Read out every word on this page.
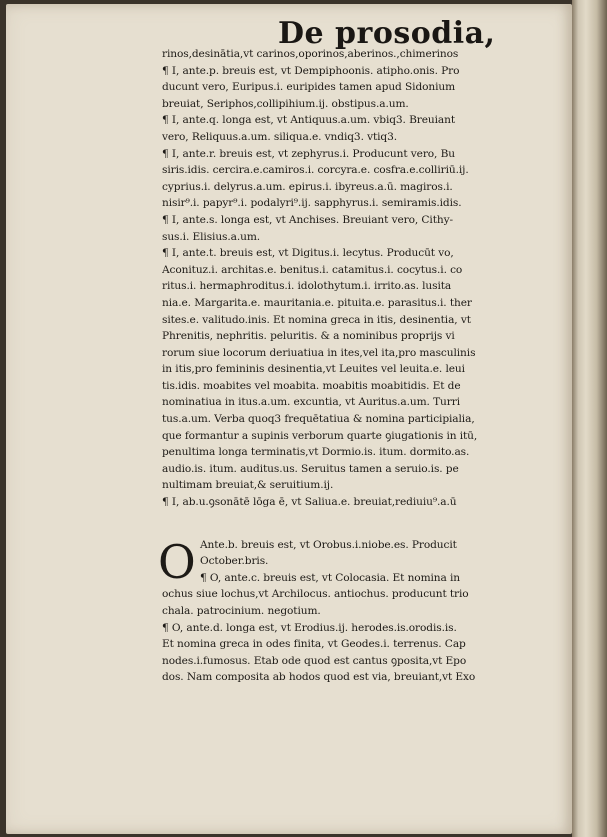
De prosodia,
rinos,desinātia,vt carinos,oporinos,aberinos.,chimerinos
¶ I, ante.p. breuis est, vt Dempiphoonis. atipho.onis. Pro
ducunt vero, Euripus.i. euripides tamen apud Sidonium
breuiat, Seriphos,collipihium.ij. obstipus.a.um.
¶ I, ante.q. longa est, vt Antiquus.a.um. vbiq3. Breuiant
vero, Reliquus.a.um. siliqua.e. vndiq3. vtiq3.
¶ I, ante.r. breuis est, vt zephyrus.i. Producunt vero, Bu
siris.idis. cercira.e.camiros.i. corcyra.e. cosfra.e.colliriū.ij.
cyprius.i. delyrus.a.um. epirus.i. ibyreus.a.ū. magiros.i.
nisir⁹.i. papyr⁹.i. podalyri⁹.ij. sapphyrus.i. semiramis.idis.
¶ I, ante.s. longa est, vt Anchises. Breuiant vero, Cithy-
sus.i. Elisius.a.um.
¶ I, ante.t. breuis est, vt Digitus.i. lecytus. Producūt vo,
Aconituz.i. architas.e. benitus.i. catamitus.i. cocytus.i. co
ritus.i. hermaphroditus.i. idolothytum.i. irrito.as. lusita
nia.e. Margarita.e. mauritania.e. pituita.e. parasitus.i. ther
sites.e. valitudo.inis. Et nomina greca in itis, desinentia, vt
Phrenitis, nephritis. peluritis. & a nominibus proprijs vi
rorum siue locorum deriuatiua in ites,vel ita,pro masculinis
in itis,pro femininis desinentia,vt Leuites vel leuita.e. leui
tis.idis. moabites vel moabita. moabitis moabitidis. Et de
nominatiua in itus.a.um. excuntia, vt Auritus.a.um. Turri
tus.a.um. Verba quoq3 frequētatiua & nomina participialia,
que formantur a supinis verborum quarte ꝯiugationis in itū,
penultima longa terminatis,vt Dormio.is. itum. dormito.as.
audio.is. itum. auditus.us. Seruitus tamen a seruio.is. pe
nultimam breuiat,& seruitium.ij.
¶ I, ab.u.ꝯsonātē lōga ē, vt Saliua.e. breuiat,rediuiu⁹.a.ū
O Ante.b. breuis est, vt Orobus.i.niobe.es. Producit
October.bris.
¶ O, ante.c. breuis est, vt Colocasia. Et nomina in
ochus siue lochus,vt Archilocus. antiochus. producunt trio
chala. patrocinium. negotium.
¶ O, ante.d. longa est, vt Erodius.ij. herodes.is.orodis.is.
Et nomina greca in odes finita, vt Geodes.i. terrenus. Cap
nodes.i.fumosus. Etab ode quod est cantus ꝯposita,vt Epo
dos. Nam composita ab hodos quod est via, breuiant,vt Exo
